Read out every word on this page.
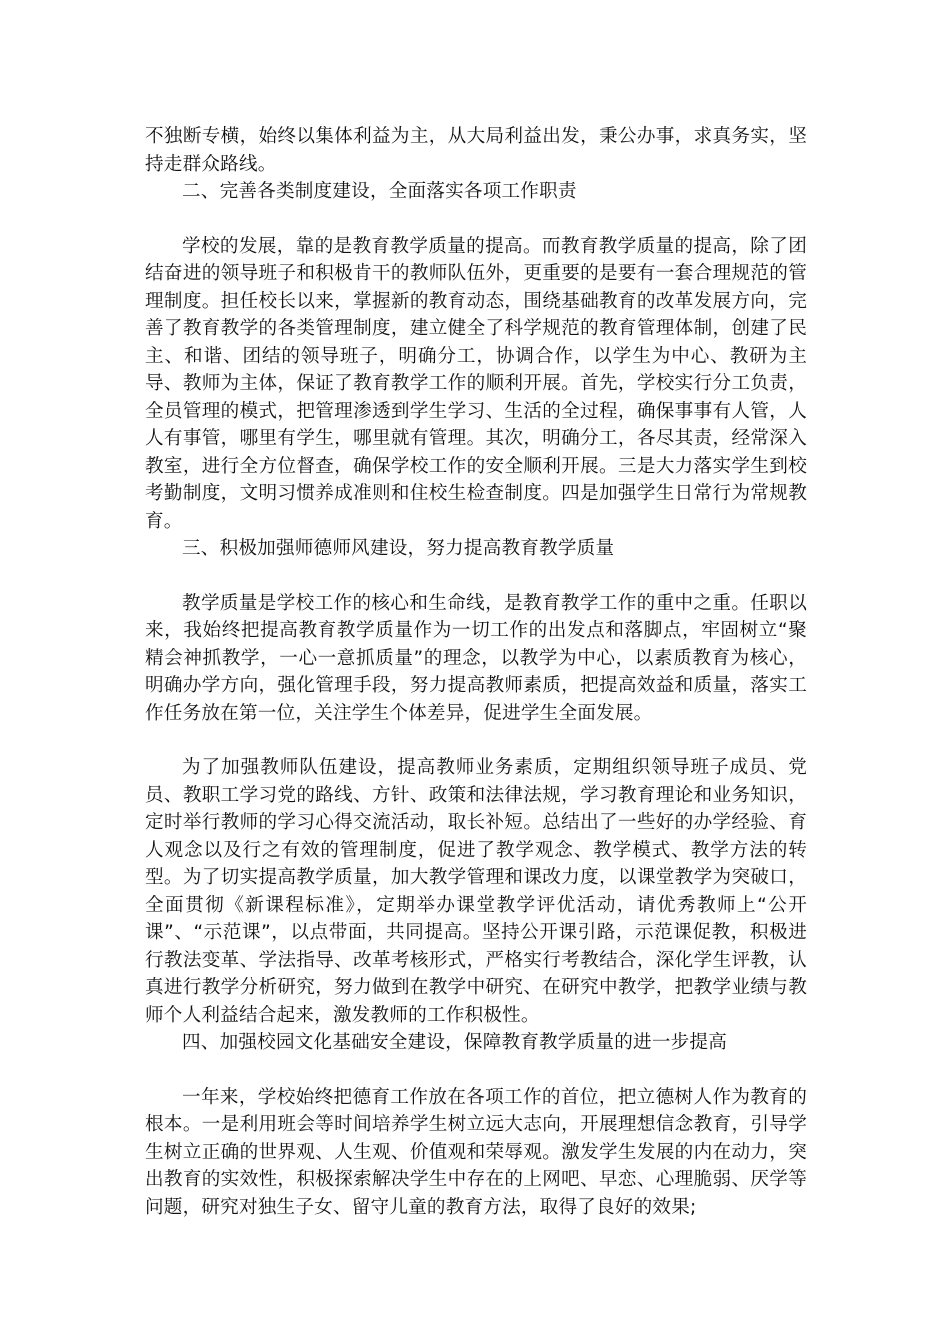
不独断专横，始终以集体利益为主，从大局利益出发，秉公办事，求真务实，坚持走群众路线。

二、完善各类制度建设，全面落实各项工作职责

学校的发展，靠的是教育教学质量的提高。而教育教学质量的提高，除了团结奋进的领导班子和积极肯干的教师队伍外，更重要的是要有一套合理规范的管理制度。担任校长以来，掌握新的教育动态，围绕基础教育的改革发展方向，完善了教育教学的各类管理制度，建立健全了科学规范的教育管理体制，创建了民主、和谐、团结的领导班子，明确分工，协调合作，以学生为中心、教研为主导、教师为主体，保证了教育教学工作的顺利开展。首先，学校实行分工负责，全员管理的模式，把管理渗透到学生学习、生活的全过程，确保事事有人管，人人有事管，哪里有学生，哪里就有管理。其次，明确分工，各尽其责，经常深入教室，进行全方位督查，确保学校工作的安全顺利开展。三是大力落实学生到校考勤制度，文明习惯养成准则和住校生检查制度。四是加强学生日常行为常规教育。

三、积极加强师德师风建设，努力提高教育教学质量

教学质量是学校工作的核心和生命线，是教育教学工作的重中之重。任职以来，我始终把提高教育教学质量作为一切工作的出发点和落脚点，牢固树立“聚精会神抓教学，一心一意抓质量”的理念，以教学为中心，以素质教育为核心，明确办学方向，强化管理手段，努力提高教师素质，把提高效益和质量，落实工作任务放在第一位，关注学生个体差异，促进学生全面发展。

为了加强教师队伍建设，提高教师业务素质，定期组织领导班子成员、党员、教职工学习党的路线、方针、政策和法律法规，学习教育理论和业务知识，定时举行教师的学习心得交流活动，取长补短。总结出了一些好的办学经验、育人观念以及行之有效的管理制度，促进了教学观念、教学模式、教学方法的转型。为了切实提高教学质量，加大教学管理和课改力度，以课堂教学为突破口，全面贯彻《新课程标准》，定期举办课堂教学评优活动，请优秀教师上“公开课”、“示范课”，以点带面，共同提高。坚持公开课引路，示范课促教，积极进行教法变革、学法指导、改革考核形式，严格实行考教结合，深化学生评教，认真进行教学分析研究，努力做到在教学中研究、在研究中教学，把教学业绩与教师个人利益结合起来，激发教师的工作积极性。

四、加强校园文化基础安全建设，保障教育教学质量的进一步提高

一年来，学校始终把德育工作放在各项工作的首位，把立德树人作为教育的根本。一是利用班会等时间培养学生树立远大志向，开展理想信念教育，引导学生树立正确的世界观、人生观、价值观和荣辱观。激发学生发展的内在动力，突出教育的实效性，积极探索解决学生中存在的上网吧、早恋、心理脆弱、厌学等问题，研究对独生子女、留守儿童的教育方法，取得了良好的效果;
